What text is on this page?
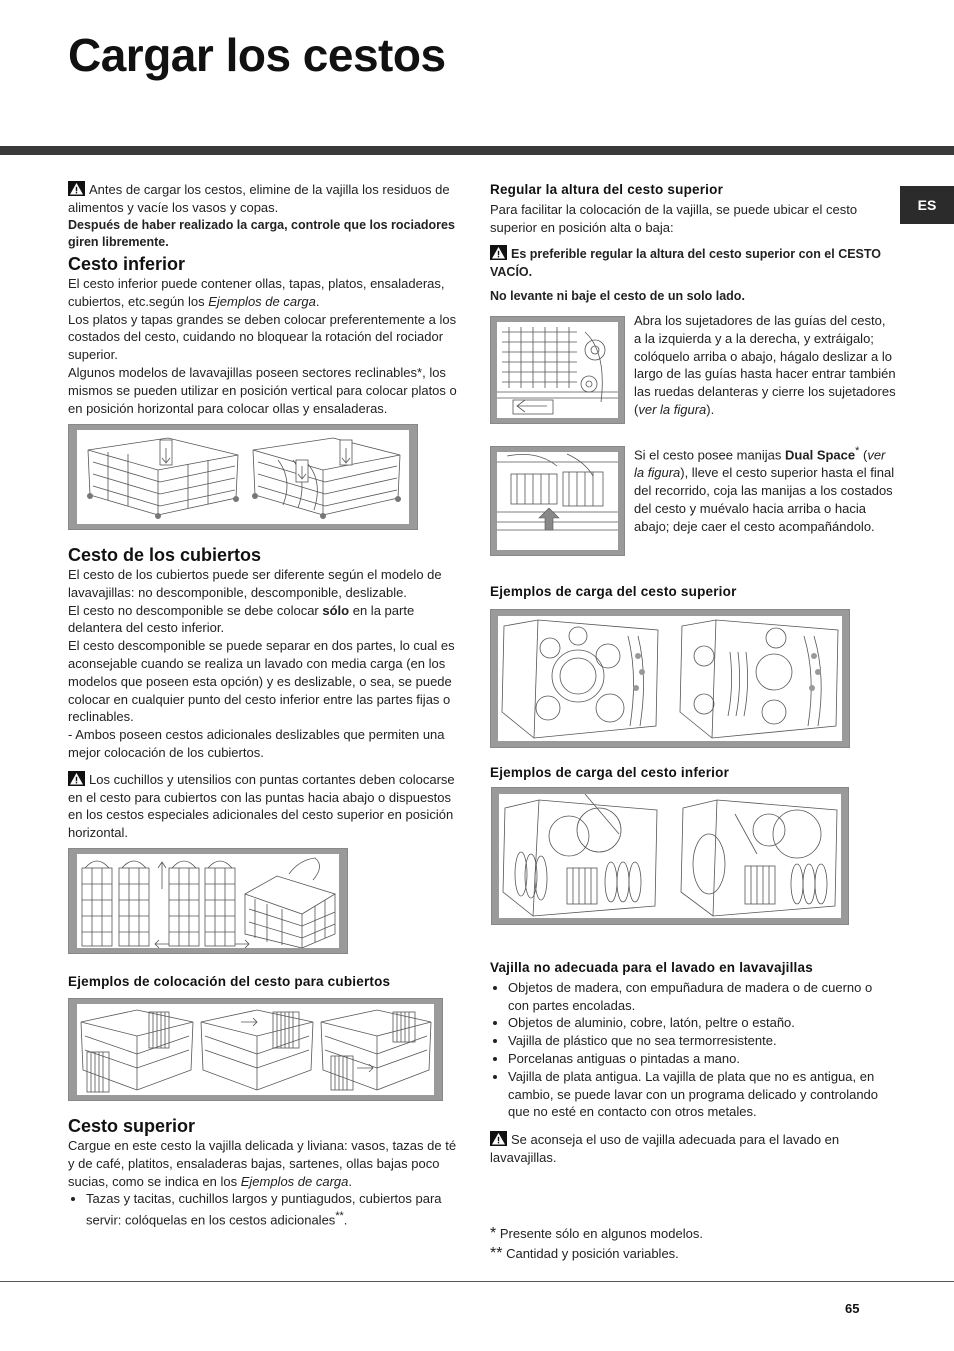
Cargar los cestos
ES

Antes de cargar los cestos, elimine de la vajilla los residuos de alimentos y vacíe los vasos y copas.

Después de haber realizado la carga, controle que los rociadores giren libremente.

Cesto inferior

El cesto inferior puede contener ollas, tapas, platos, ensaladeras, cubiertos, etc.según los Ejemplos de carga.

Los platos y tapas grandes se deben colocar preferentemente a los costados del cesto, cuidando no bloquear la rotación del rociador superior.

Algunos modelos de lavavajillas poseen sectores reclinables*, los mismos se pueden utilizar en posición vertical para colocar platos o en posición horizontal para colocar ollas y ensaladeras.

Cesto de los cubiertos

El cesto de los cubiertos puede ser diferente según el modelo de lavavajillas: no descomponible, descomponible, deslizable.

El cesto no descomponible se debe colocar sólo en la parte delantera del cesto inferior.

El cesto descomponible se puede separar en dos partes, lo cual es aconsejable cuando se realiza un lavado con media carga (en los modelos que poseen esta opción) y es deslizable, o sea, se puede colocar en cualquier punto del cesto inferior entre las partes fijas o reclinables.

- Ambos poseen cestos adicionales deslizables que permiten una mejor colocación de los cubiertos.

Los cuchillos y utensilios con puntas cortantes deben colocarse en el cesto para cubiertos con las puntas hacia abajo o dispuestos en los cestos especiales adicionales del cesto superior en posición horizontal.

Ejemplos de colocación del cesto para cubiertos

Cesto superior

Cargue en este cesto la vajilla delicada y liviana: vasos, tazas de té y de café, platitos, ensaladeras bajas, sartenes, ollas bajas poco sucias, como se indica en los Ejemplos de carga.

• Tazas y tacitas, cuchillos largos y puntiagudos, cubiertos para servir: colóquelas en los cestos adicionales**.

Regular la altura del cesto superior

Para facilitar la colocación de la vajilla, se puede ubicar el cesto superior en posición alta o baja:

Es preferible regular la altura del cesto superior con el CESTO VACÍO.

No levante ni baje el cesto de un solo lado.

Abra los sujetadores de las guías del cesto, a la izquierda y a la derecha, y extráigalo; colóquelo arriba o abajo, hágalo deslizar a lo largo de las guías hasta hacer entrar también las ruedas delanteras y cierre los sujetadores (ver la figura).

Si el cesto posee manijas Dual Space* (ver la figura), lleve el cesto superior hasta el final del recorrido, coja las manijas a los costados del cesto y muévalo hacia arriba o hacia abajo; deje caer el cesto acompañándolo.

Ejemplos de carga del cesto superior

Ejemplos de carga del cesto inferior

Vajilla no adecuada para el lavado en lavavajillas

• Objetos de madera, con empuñadura de madera o de cuerno o con partes encoladas.
• Objetos de aluminio, cobre, latón, peltre o estaño.
• Vajilla de plástico que no sea termorresistente.
• Porcelanas antiguas o pintadas a mano.
• Vajilla de plata antigua. La vajilla de plata que no es antigua, en cambio, se puede lavar con un programa delicado y controlando que no esté en contacto con otros metales.

Se aconseja el uso de vajilla adecuada para el lavado en lavavajillas.

* Presente sólo en algunos modelos.

** Cantidad y posición variables.

65
